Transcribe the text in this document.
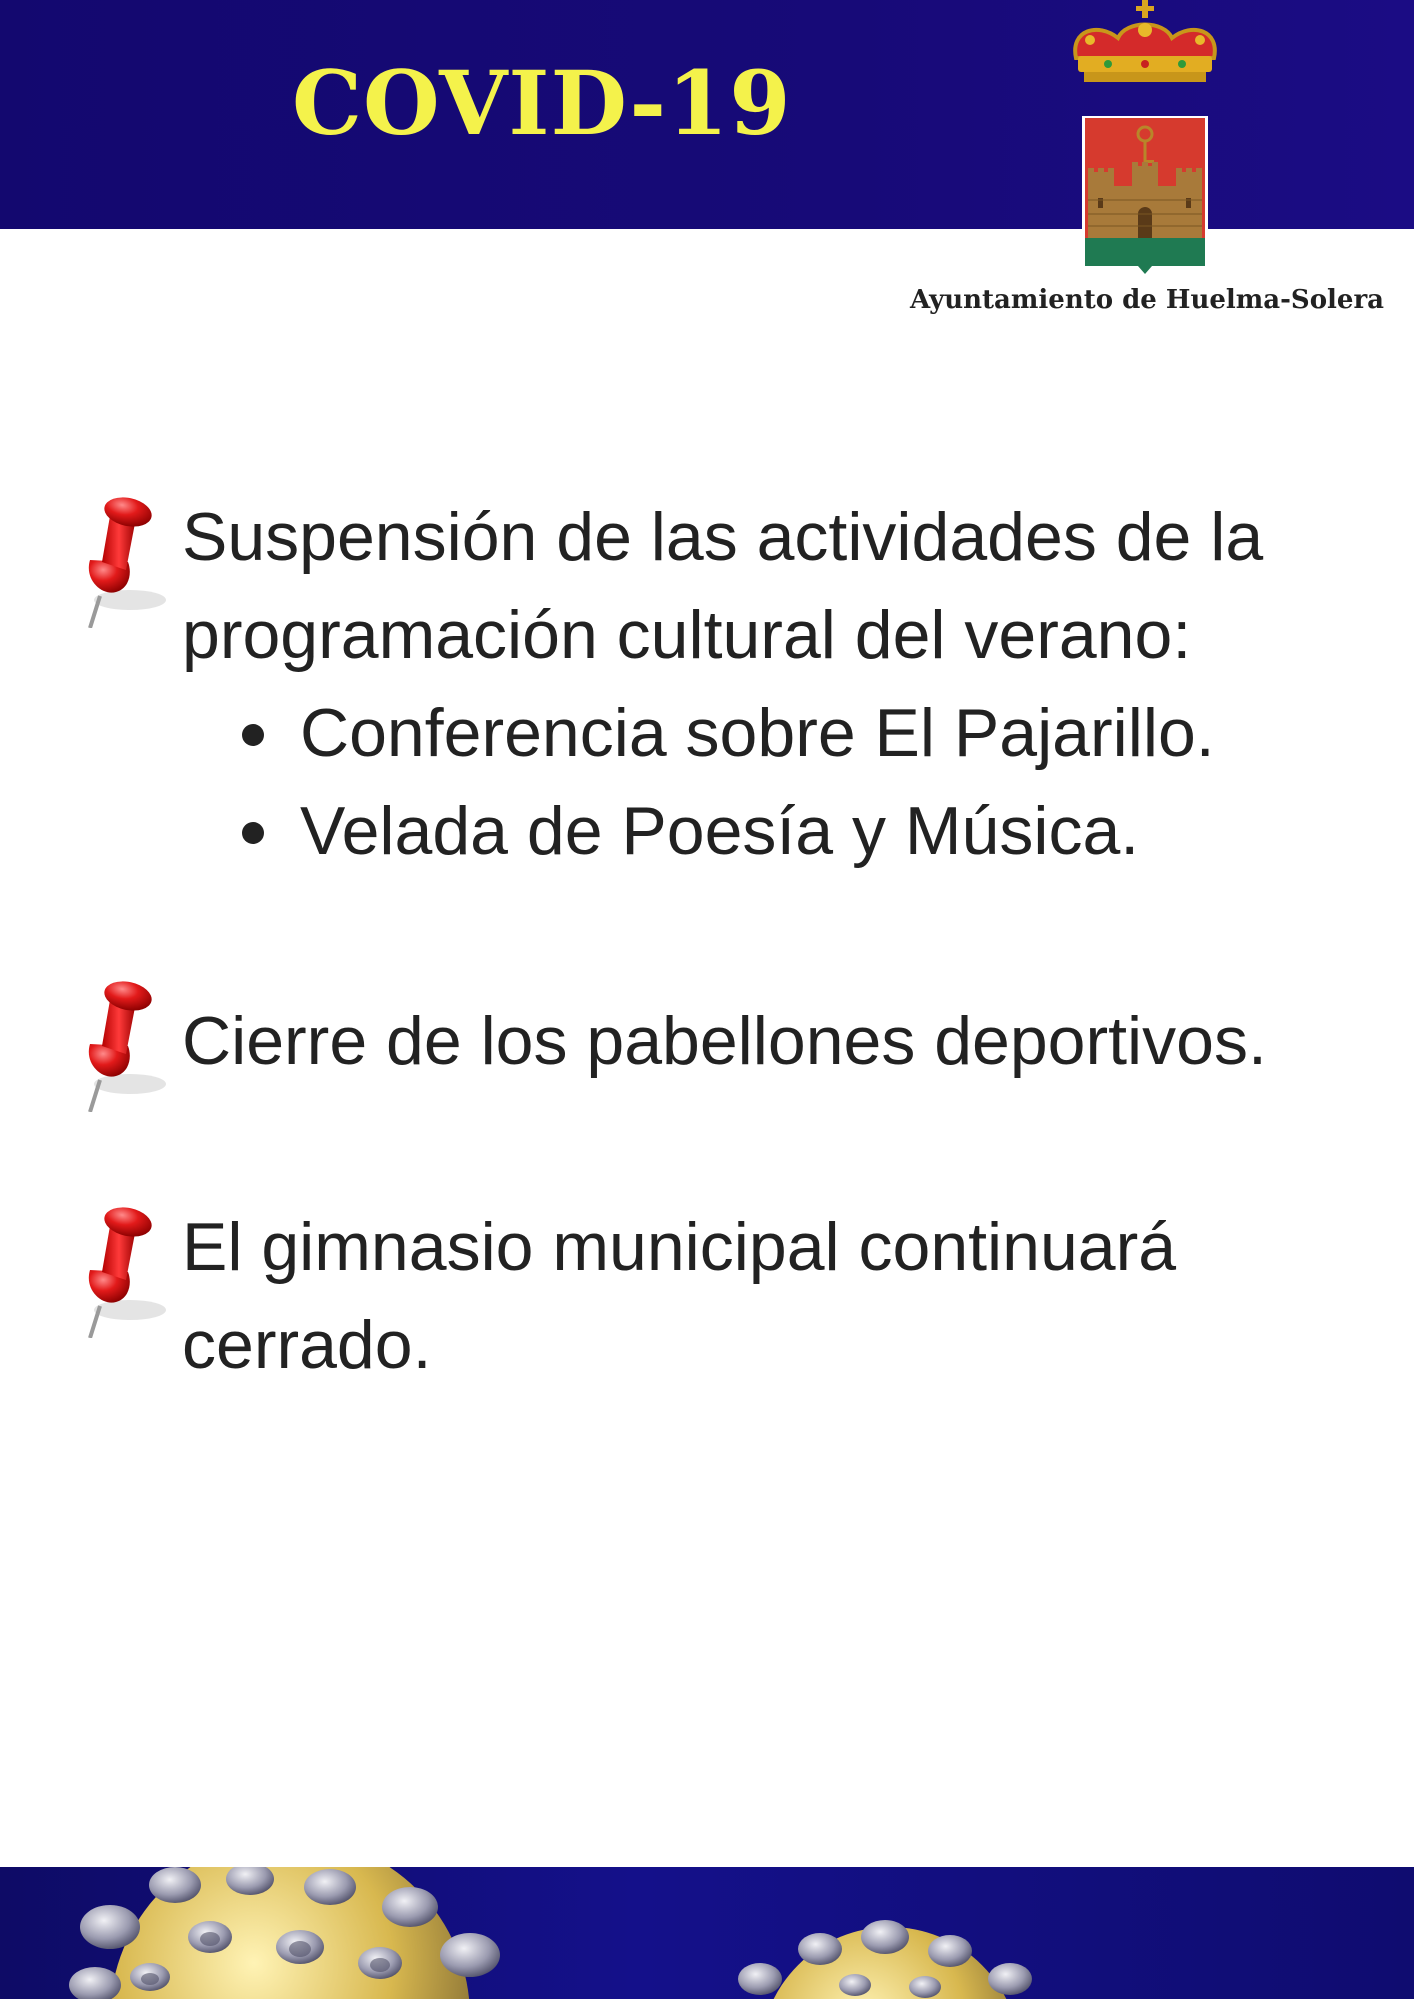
COVID-19
Ayuntamiento de Huelma-Solera
Suspensión de las actividades de la programación cultural del verano:
Conferencia sobre El Pajarillo.
Velada de Poesía y Música.
Cierre de los pabellones deportivos.
El gimnasio municipal continuará cerrado.
